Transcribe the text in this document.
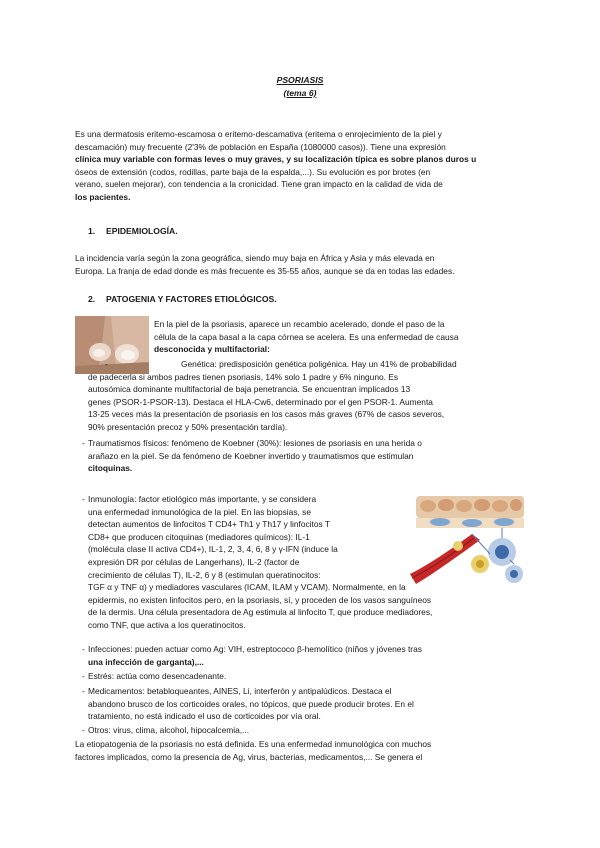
PSORIASIS
(tema 6)

Es una dermatosis eritemo-escamosa o eritemo-descamativa (eritema o enrojecimiento de la piel y

descamación) muy frecuente (2'3% de población en España (1080000 casos)). Tiene una expresión

clínica muy variable con formas leves o muy graves, y su localización típica es sobre planos duros u

óseos de extensión (codos, rodillas, parte baja de la espalda,...). Su evolución es por brotes (en

verano, suelen mejorar), con tendencia a la cronicidad. Tiene gran impacto en la calidad de vida de

los pacientes.

1. EPIDEMIOLOGÍA.

La incidencia varía según la zona geográfica, siendo muy baja en África y Asia y más elevada en

Europa. La franja de edad donde es más frecuente es 35-55 años, aunque se da en todas las edades.

2. PATOGENIA Y FACTORES ETIOLÓGICOS.

En la piel de la psoriasis, aparece un recambio acelerado, donde el paso de la

célula de la capa basal a la capa córnea se acelera. Es una enfermedad de causa

desconocida y multifactorial:

-	Genética: predisposición genética poligénica. Hay un 41% de probabilidad

de padecerla si ambos padres tienen psoriasis, 14% solo 1 padre y 6% ninguno. Es

autosómica dominante multifactorial de baja penetrancia. Se encuentran implicados 13

genes (PSOR-1-PSOR-13). Destaca el HLA-Cw6, determinado por el gen PSOR-1. Aumenta

13-25 veces más la presentación de psoriasis en los casos más graves (67% de casos severos,

90% presentación precoz y 50% presentación tardía).

- Traumatismos físicos: fenómeno de Koebner (30%): lesiones de psoriasis en una herida o

arañazo en la piel. Se da fenómeno de Koebner invertido y traumatismos que estimulan

citoquinas.

- Inmunología: factor etiológico más importante, y se considera

una enfermedad inmunológica de la piel. En las biopsias, se

detectan aumentos de linfocitos T CD4+ Th1 y Th17 y linfocitos T

CD8+ que producen citoquinas (mediadores químicos): IL-1

(molécula clase II activa CD4+), IL-1, 2, 3, 4, 6, 8 y γ-IFN (induce la

expresión DR por células de Langerhans), IL-2 (factor de

crecimiento de células T), IL-2, 6 y 8 (estimulan queratinocitos:

TGF α y TNF α) y mediadores vasculares (ICAM, ILAM y VCAM). Normalmente, en la

epidermis, no existen linfocitos pero, en la psoriasis, sí, y proceden de los vasos sanguíneos

de la dermis. Una célula presentadora de Ag estimula al linfocito T, que produce mediadores,

como TNF, que activa a los queratinocitos.

- Infecciones: pueden actuar como Ag: VIH, estreptococo β-hemolítico (niños y jóvenes tras

una infección de garganta),...

- Estrés: actúa como desencadenante.

- Medicamentos: betabloqueantes, AINES, Li, interferón y antipalúdicos. Destaca el

abandono brusco de los corticoides orales, no tópicos, que puede producir brotes. En el

tratamiento, no está indicado el uso de corticoides por vía oral.

- Otros: virus, clima, alcohol, hipocalcemia,...

La etiopatogenia de la psoriasis no está definida. Es una enfermedad inmunológica con muchos

factores implicados, como la presencia de Ag, virus, bacterias, medicamentos,... Se genera el
